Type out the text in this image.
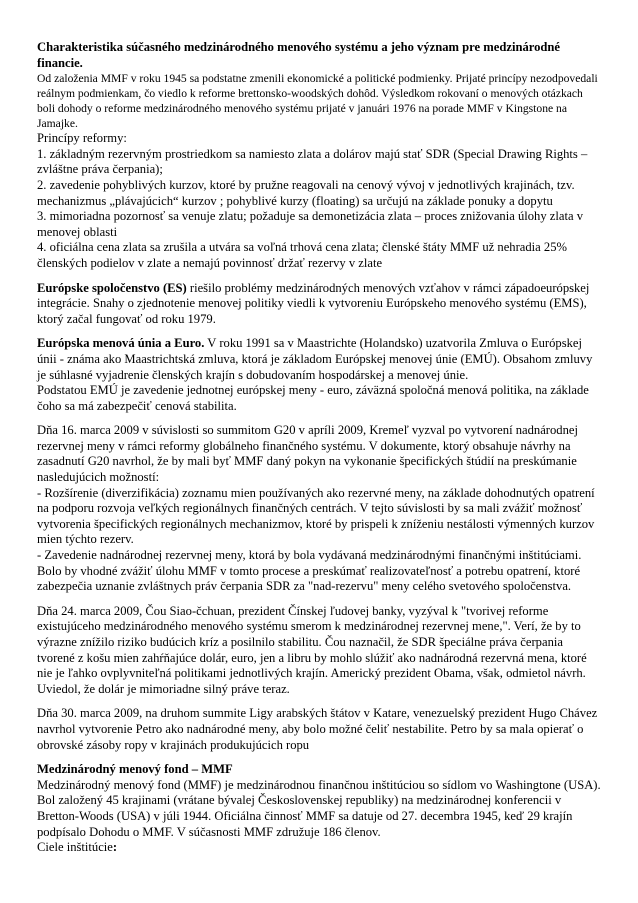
Charakteristika súčasného medzinárodného menového systému a jeho význam pre medzinárodné financie.

Od založenia MMF v roku 1945 sa podstatne zmenili ekonomické a politické podmienky. Prijaté princípy nezodpovedali reálnym podmienkam, čo viedlo k reforme brettonsko-woodských dohôd. Výsledkom rokovaní o menových otázkach boli dohody o reforme medzinárodného menového systému prijaté v januári 1976 na porade MMF v Kingstone na Jamajke.

Princípy reformy:

1. základným rezervným prostriedkom sa namiesto zlata a dolárov majú stať SDR (Special Drawing Rights – zvláštne práva čerpania);

2. zavedenie pohyblivých kurzov, ktoré by pružne reagovali na cenový vývoj v jednotlivých krajinách, tzv. mechanizmus „plávajúcich“ kurzov ; pohyblivé kurzy (floating) sa určujú na základe ponuky a dopytu

3. mimoriadna pozornosť sa venuje zlatu; požaduje sa demonetizácia zlata – proces znižovania úlohy zlata v menovej oblasti

4. oficiálna cena zlata sa zrušila a utvára sa voľná trhová cena zlata; členské štáty MMF už nehradia 25% členských podielov v zlate a nemajú povinnosť držať rezervy v zlate

Európske spoločenstvo (ES) riešilo problémy medzinárodných menových vzťahov v rámci západoeurópskej integrácie. Snahy o zjednotenie menovej politiky viedli k vytvoreniu Európskeho menového systému (EMS), ktorý začal fungovať od roku 1979.

Európska menová únia a Euro. V roku 1991 sa v Maastrichte (Holandsko) uzatvorila Zmluva o Európskej únii - známa ako Maastrichtská zmluva, ktorá je základom Európskej menovej únie (EMÚ). Obsahom zmluvy je súhlasné vyjadrenie členských krajín s dobudovaním hospodárskej a menovej únie.

Podstatou EMÚ je zavedenie jednotnej európskej meny - euro, záväzná spoločná menová politika, na základe čoho sa má zabezpečiť cenová stabilita.

Dňa 16. marca 2009 v súvislosti so summitom G20 v apríli 2009, Kremeľ vyzval po vytvorení nadnárodnej rezervnej meny v rámci reformy globálneho finančného systému. V dokumente, ktorý obsahuje návrhy na zasadnutí G20 navrhol, že by mali byť MMF daný pokyn na vykonanie špecifických štúdií na preskúmanie nasledujúcich možností:

- Rozšírenie (diverzifikácia) zoznamu mien používaných ako rezervné meny, na základe dohodnutých opatrení na podporu rozvoja veľkých regionálnych finančných centrách. V tejto súvislosti by sa mali zvážiť možnosť vytvorenia špecifických regionálnych mechanizmov, ktoré by prispeli k zníženiu nestálosti výmenných kurzov mien týchto rezerv.

- Zavedenie nadnárodnej rezervnej meny, ktorá by bola vydávaná medzinárodnými finančnými inštitúciami. Bolo by vhodné zvážiť úlohu MMF v tomto procese a preskúmať realizovateľnosť a potrebu opatrení, ktoré zabezpečia uznanie zvláštnych práv čerpania SDR za "nad-rezervu" meny celého svetového spoločenstva.

Dňa 24. marca 2009, Čou Siao-čchuan, prezident Čínskej ľudovej banky, vyzýval k "tvorivej reforme existujúceho medzinárodného menového systému smerom k medzinárodnej rezervnej mene,". Verí, že by to výrazne znížilo riziko budúcich kríz a posilnilo stabilitu. Čou naznačil, že SDR špeciálne práva čerpania tvorené z košu mien zahŕňajúce dolár, euro, jen a libru by mohlo slúžiť ako nadnárodná rezervná mena, ktoré nie je ľahko ovplyvniteľná politikami jednotlivých krajín. Americký prezident Obama, však, odmietol návrh. Uviedol, že dolár je mimoriadne silný práve teraz.

Dňa 30. marca 2009, na druhom summite Ligy arabských štátov v Katare, venezuelský prezident Hugo Chávez navrhol vytvorenie Petro ako nadnárodné meny, aby bolo možné čeliť nestabilite. Petro by sa mala opierať o obrovské zásoby ropy v krajinách produkujúcich ropu

Medzinárodný menový fond – MMF

Medzinárodný menový fond (MMF) je medzinárodnou finančnou inštitúciou so sídlom vo Washingtone (USA). Bol založený 45 krajinami (vrátane bývalej Československej republiky) na medzinárodnej konferencii v Bretton-Woods (USA) v júli 1944. Oficiálna činnosť MMF sa datuje od 27. decembra 1945, keď 29 krajín podpísalo Dohodu o MMF. V súčasnosti MMF združuje 186 členov.

Ciele inštitúcie:
